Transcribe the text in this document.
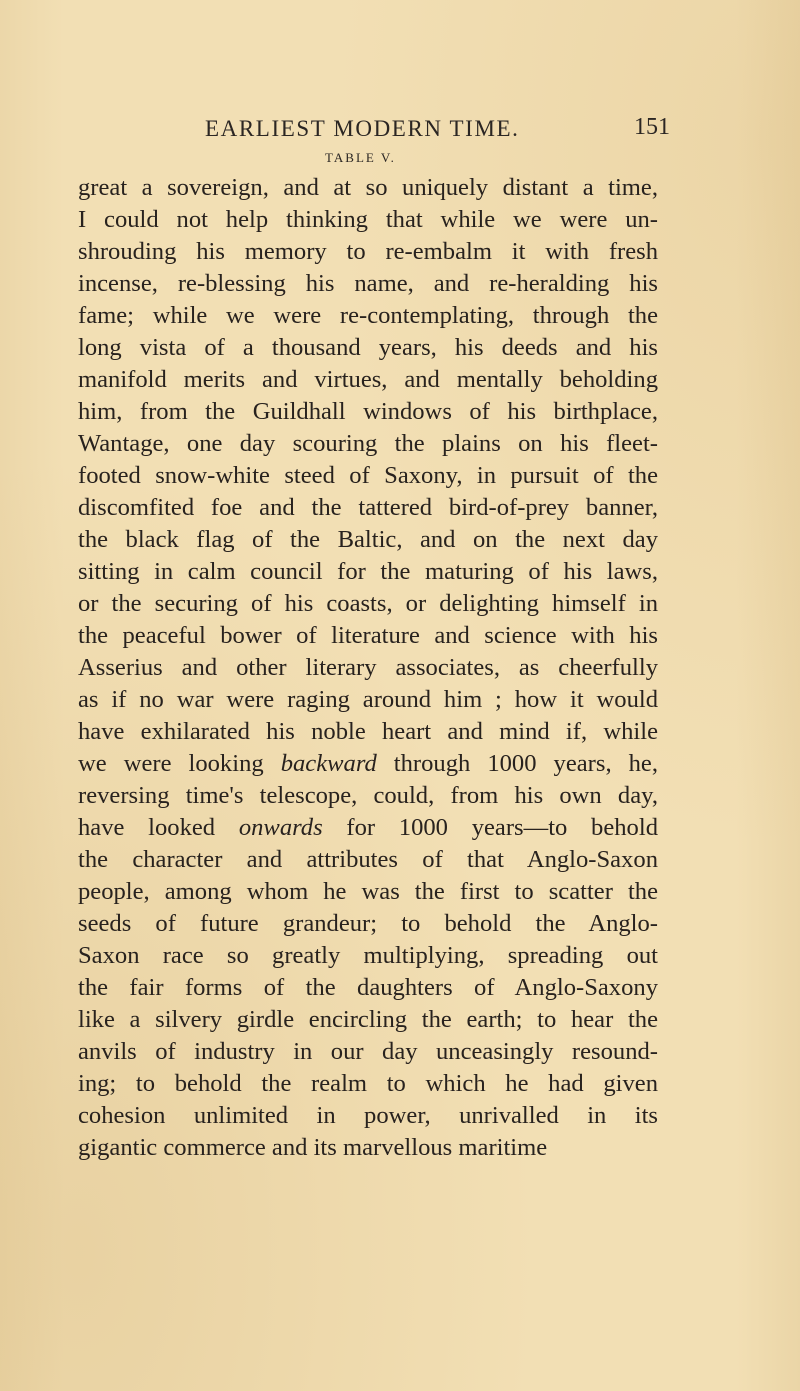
EARLIEST MODERN TIME.	151
TABLE V.
great a sovereign, and at so uniquely distant a time,
I could not help thinking that while we were un-
shrouding his memory to re-embalm it with fresh
incense, re-blessing his name, and re-heralding his
fame; while we were re-contemplating, through the
long vista of a thousand years, his deeds and his
manifold merits and virtues, and mentally beholding
him, from the Guildhall windows of his birthplace,
Wantage, one day scouring the plains on his fleet-
footed snow-white steed of Saxony, in pursuit of the
discomfited foe and the tattered bird-of-prey banner,
the black flag of the Baltic, and on the next day
sitting in calm council for the maturing of his laws,
or the securing of his coasts, or delighting himself in
the peaceful bower of literature and science with his
Asserius and other literary associates, as cheerfully
as if no war were raging around him ; how it would
have exhilarated his noble heart and mind if, while
we were looking backward through 1000 years, he,
reversing time's telescope, could, from his own day,
have looked onwards for 1000 years—to behold
the character and attributes of that Anglo-Saxon
people, among whom he was the first to scatter the
seeds of future grandeur; to behold the Anglo-
Saxon race so greatly multiplying, spreading out
the fair forms of the daughters of Anglo-Saxony
like a silvery girdle encircling the earth; to hear the
anvils of industry in our day unceasingly resound-
ing; to behold the realm to which he had given
cohesion unlimited in power, unrivalled in its
gigantic commerce and its marvellous maritime
